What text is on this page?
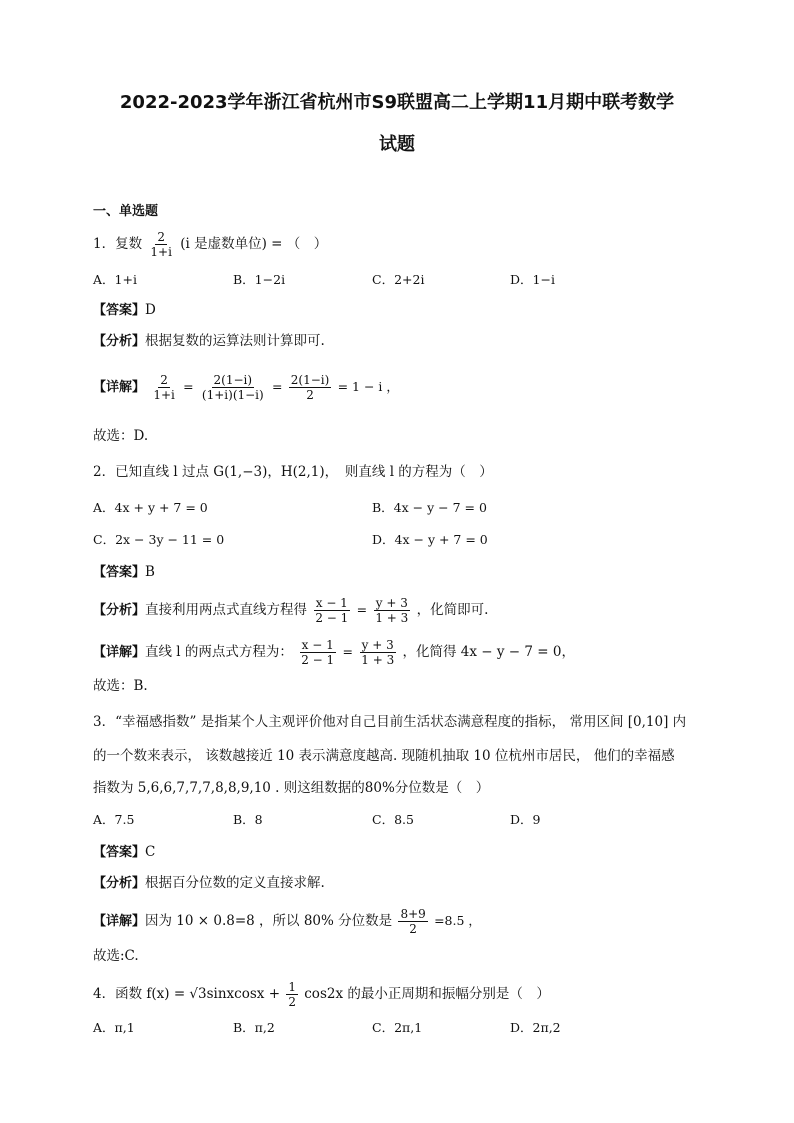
2022-2023学年浙江省杭州市S9联盟高二上学期11月期中联考数学
试题
一、单选题
1．复数 $\frac{2}{1+i} (i$ 是虚数单位) = （　）
A．1+i	B．1−2i	C．2+2i	D．1−i
【答案】D
【分析】根据复数的运算法则计算即可.
【详解】 $\frac{2}{1+i} = \frac{2(1-i)}{(1+i)(1-i)} = \frac{2(1-i)}{2} = 1 - i$ ，
故选：D.
2．已知直线 l 过点 G(1,−3)，H(2,1)，　则直线 l 的方程为（　）
A．4x + y + 7 = 0	B．4x − y − 7 = 0
C．2x − 3y − 11 = 0	D．4x − y + 7 = 0
【答案】B
【分析】直接利用两点式直线方程得 $\frac{x - 1}{2 - 1} = \frac{y + 3}{1 + 3}$ ，化简即可.
【详解】直线 l 的两点式方程为： $\frac{x - 1}{2 - 1} = \frac{y + 3}{1 + 3}$ ，化简得 4x − y − 7 = 0，
故选：B.
3．“幸福感指数” 是指某个人主观评价他对自己目前生活状态满意程度的指标， 常用区间 [0,10] 内
的一个数来表示， 该数越接近 10 表示满意度越高. 现随机抽取 10 位杭州市居民， 他们的幸福感
指数为 5,6,6,7,7,7,8,8,9,10 . 则这组数据的80%分位数是（　）
A．7.5	B．8	C．8.5	D．9
【答案】C
【分析】根据百分位数的定义直接求解.
【详解】因为 10 × 0.8=8 ，所以 80% 分位数是 $\frac{8+9}{2} =8.5$ ，
故选:C.
4．函数 f(x) = √3sinxcosx + $\frac{1}{2} \cos 2x$ 的最小正周期和振幅分别是（　）
A．π,1	B．π,2	C．2π,1	D．2π,2
